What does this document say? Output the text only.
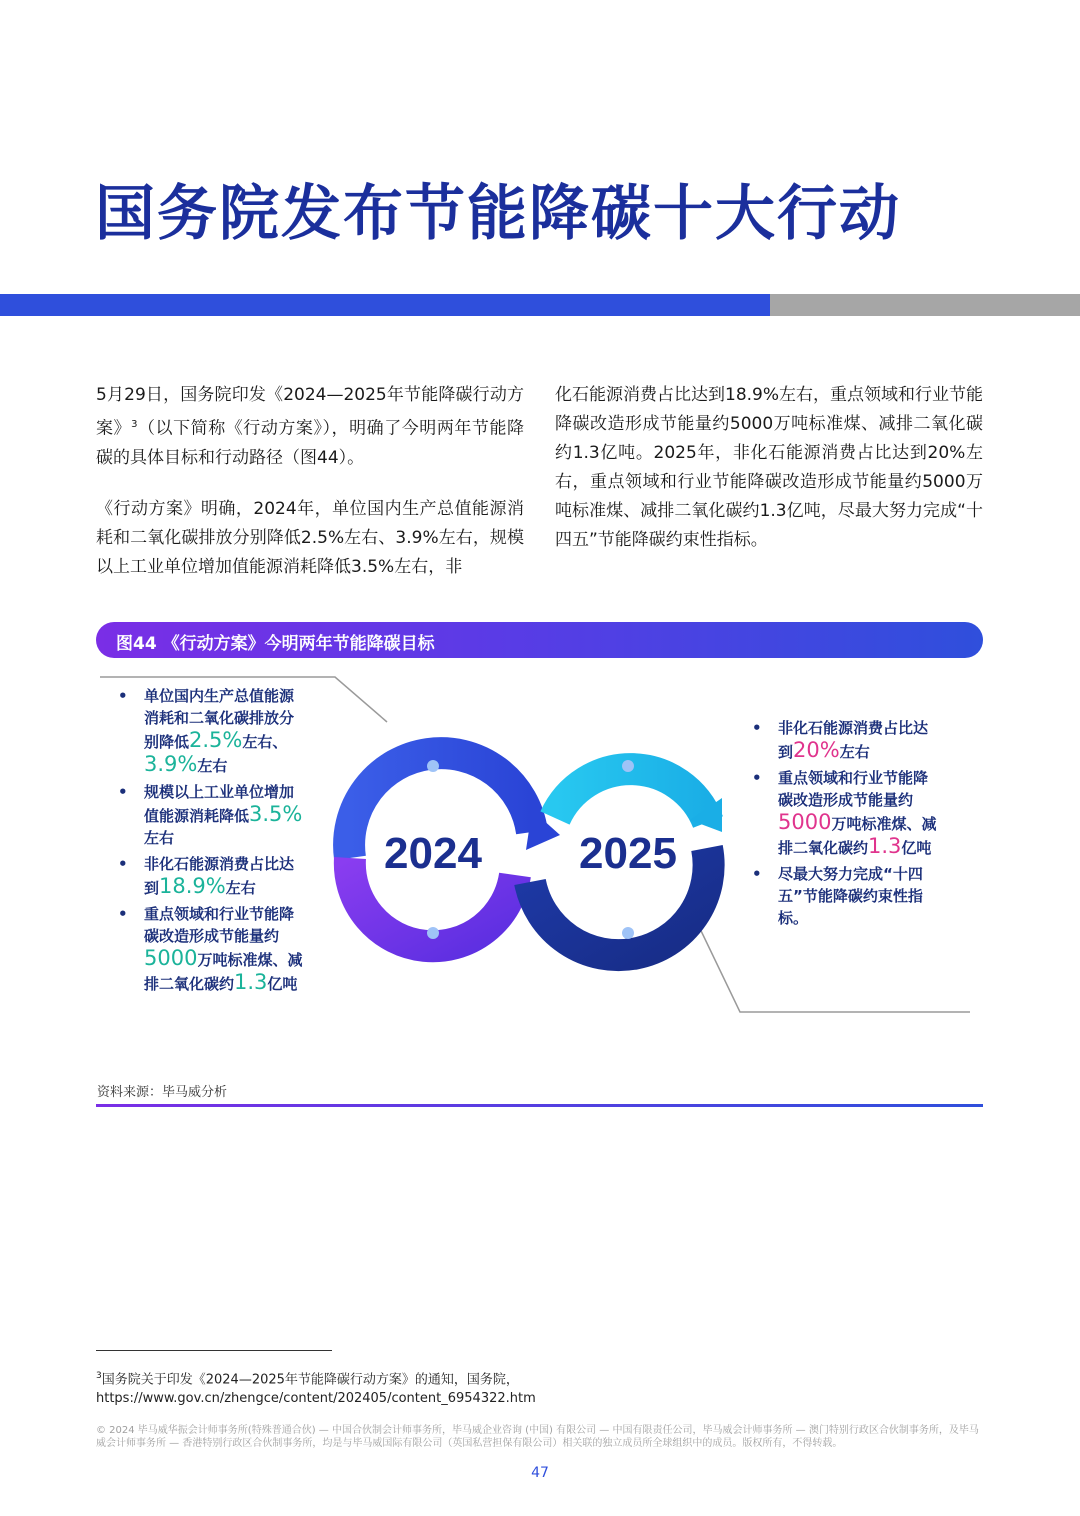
国务院发布节能降碳十大行动

5月29日，国务院印发《2024—2025年节能降碳行动方案》$^3$（以下简称《行动方案》），明确了今明两年节能降碳的具体目标和行动路径（图44）。

《行动方案》明确，2024年，单位国内生产总值能源消耗和二氧化碳排放分别降低2.5%左右、3.9%左右，规模以上工业单位增加值能源消耗降低3.5%左右，非

化石能源消费占比达到18.9%左右，重点领域和行业节能降碳改造形成节能量约5000万吨标准煤、减排二氧化碳约1.3亿吨。2025年，非化石能源消费占比达到20%左右，重点领域和行业节能降碳改造形成节能量约5000万吨标准煤、减排二氧化碳约1.3亿吨，尽最大努力完成“十四五”节能降碳约束性指标。

图44 《行动方案》今明两年节能降碳目标
2024 2025
• 单位国内生产总值能源消耗和二氧化碳排放分别降低2.5%左右、3.9%左右
• 规模以上工业单位增加值能源消耗降低3.5%左右
• 非化石能源消费占比达到18.9%左右
• 重点领域和行业节能降碳改造形成节能量约5000万吨标准煤、减排二氧化碳约1.3亿吨
• 非化石能源消费占比达到20%左右
• 重点领域和行业节能降碳改造形成节能量约5000万吨标准煤、减排二氧化碳约1.3亿吨
• 尽最大努力完成“十四五”节能降碳约束性指标。
资料来源：毕马威分析
$^3$国务院关于印发《2024—2025年节能降碳行动方案》的通知，国务院，
https://www.gov.cn/zhengce/content/202405/content_6954322.htm
© 2024 毕马威华振会计师事务所(特殊普通合伙) — 中国合伙制会计师事务所，毕马威企业咨询 (中国) 有限公司 — 中国有限责任公司，毕马威会计师事务所 — 澳门特别行政区合伙制事务所，及毕马威会计师事务所 — 香港特别行政区合伙制事务所，均是与毕马威国际有限公司（英国私营担保有限公司）相关联的独立成员所全球组织中的成员。版权所有，不得转载。
47
